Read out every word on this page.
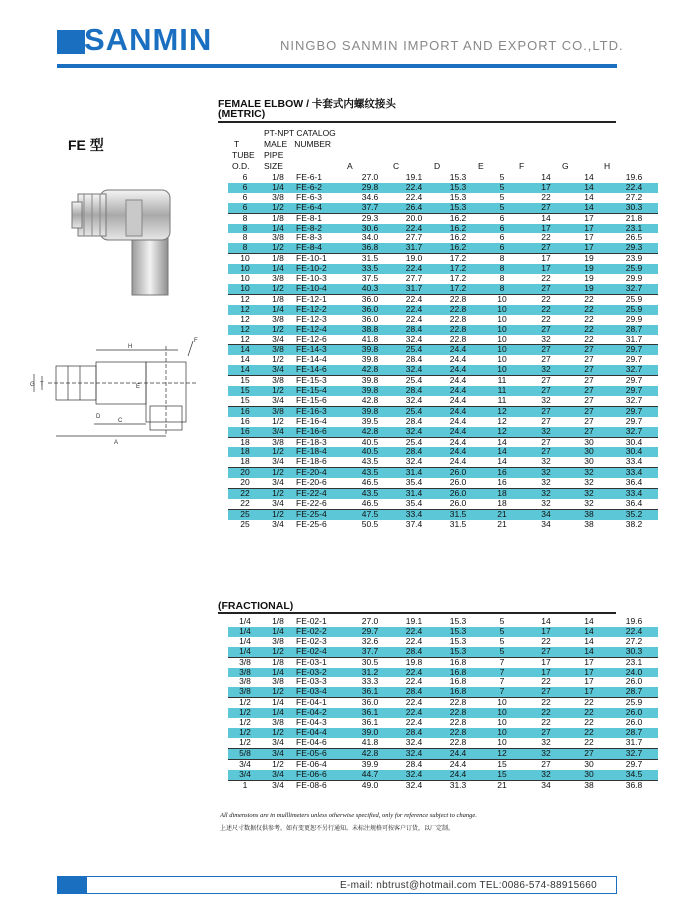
SANMIN	NINGBO SANMIN IMPORT AND EXPORT CO.,LTD.
FEMALE ELBOW / 卡套式内螺纹接头
(METRIC)
FE 型
H
F
G T	E
C
D
A
PT-NPT CATALOG
T	MALE   NUMBER
TUBE PIPE
O.D. SIZE	A	C	D	E	F	G	H
6	1/8	FE-6-1	27.0	19.1	15.3	5	14	14	19.6
6	1/4	FE-6-2	29.8	22.4	15.3	5	17	14	22.4
6	3/8	FE-6-3	34.6	22.4	15.3	5	22	14	27.2
6	1/2	FE-6-4	37.7	26.4	15.3	5	27	14	30.3
8	1/8	FE-8-1	29.3	20.0	16.2	6	14	17	21.8
8	1/4	FE-8-2	30.6	22.4	16.2	6	17	17	23.1
8	3/8	FE-8-3	34.0	27.7	16.2	6	22	17	26.5
8	1/2	FE-8-4	36.8	31.7	16.2	6	27	17	29.3
10	1/8	FE-10-1	31.5	19.0	17.2	8	17	19	23.9
10	1/4	FE-10-2	33.5	22.4	17.2	8	17	19	25.9
10	3/8	FE-10-3	37.5	27.7	17.2	8	22	19	29.9
10	1/2	FE-10-4	40.3	31.7	17.2	8	27	19	32.7
12	1/8	FE-12-1	36.0	22.4	22.8	10	22	22	25.9
12	1/4	FE-12-2	36.0	22.4	22.8	10	22	22	25.9
12	3/8	FE-12-3	36.0	22.4	22.8	10	22	22	29.9
12	1/2	FE-12-4	38.8	28.4	22.8	10	27	22	28.7
12	3/4	FE-12-6	41.8	32.4	22.8	10	32	22	31.7
14	3/8	FE-14-3	39.8	25.4	24.4	10	27	27	29.7
14	1/2	FE-14-4	39.8	28.4	24.4	10	27	27	29.7
14	3/4	FE-14-6	42.8	32.4	24.4	10	32	27	32.7
15	3/8	FE-15-3	39.8	25.4	24.4	11	27	27	29.7
15	1/2	FE-15-4	39.8	28.4	24.4	11	27	27	29.7
15	3/4	FE-15-6	42.8	32.4	24.4	11	32	27	32.7
16	3/8	FE-16-3	39.8	25.4	24.4	12	27	27	29.7
16	1/2	FE-16-4	39.5	28.4	24.4	12	27	27	29.7
16	3/4	FE-16-6	42.8	32.4	24.4	12	32	27	32.7
18	3/8	FE-18-3	40.5	25.4	24.4	14	27	30	30.4
18	1/2	FE-18-4	40.5	28.4	24.4	14	27	30	30.4
18	3/4	FE-18-6	43.5	32.4	24.4	14	32	30	33.4
20	1/2	FE-20-4	43.5	31.4	26.0	16	32	32	33.4
20	3/4	FE-20-6	46.5	35.4	26.0	16	32	32	36.4
22	1/2	FE-22-4	43.5	31.4	26.0	18	32	32	33.4
22	3/4	FE-22-6	46.5	35.4	26.0	18	32	32	36.4
25	1/2	FE-25-4	47.5	33.4	31.5	21	34	38	35.2
25	3/4	FE-25-6	50.5	37.4	31.5	21	34	38	38.2
(FRACTIONAL)
1/4	1/8	FE-02-1	27.0	19.1	15.3	5	14	14	19.6
1/4	1/4	FE-02-2	29.7	22.4	15.3	5	17	14	22.4
1/4	3/8	FE-02-3	32.6	22.4	15.3	5	22	14	27.2
1/4	1/2	FE-02-4	37.7	28.4	15.3	5	27	14	30.3
3/8	1/8	FE-03-1	30.5	19.8	16.8	7	17	17	23.1
3/8	1/4	FE-03-2	31.2	22.4	16.8	7	17	17	24.0
3/8	3/8	FE-03-3	33.3	22.4	16.8	7	22	17	26.0
3/8	1/2	FE-03-4	36.1	28.4	16.8	7	27	17	28.7
1/2	1/4	FE-04-1	36.0	22.4	22.8	10	22	22	25.9
1/2	1/4	FE-04-2	36.1	22.4	22.8	10	22	22	26.0
1/2	3/8	FE-04-3	36.1	22.4	22.8	10	22	22	26.0
1/2	1/2	FE-04-4	39.0	28.4	22.8	10	27	22	28.7
1/2	3/4	FE-04-6	41.8	32.4	22.8	10	32	22	31.7
5/8	3/4	FE-05-6	42.8	32.4	24.4	12	32	27	32.7
3/4	1/2	FE-06-4	39.9	28.4	24.4	15	27	30	29.7
3/4	3/4	FE-06-6	44.7	32.4	24.4	15	32	30	34.5
1	3/4	FE-08-6	49.0	32.4	31.3	21	34	38	36.8
All dimensions are in mulllimeters unless otherwise specified, only for reference subject to change.
上述尺寸数据仅供参考。如有变更恕不另行通知。未标注规格可按客户订货，以厂定制。
E-mail: nbtrust@hotmail.com TEL:0086-574-88915660
